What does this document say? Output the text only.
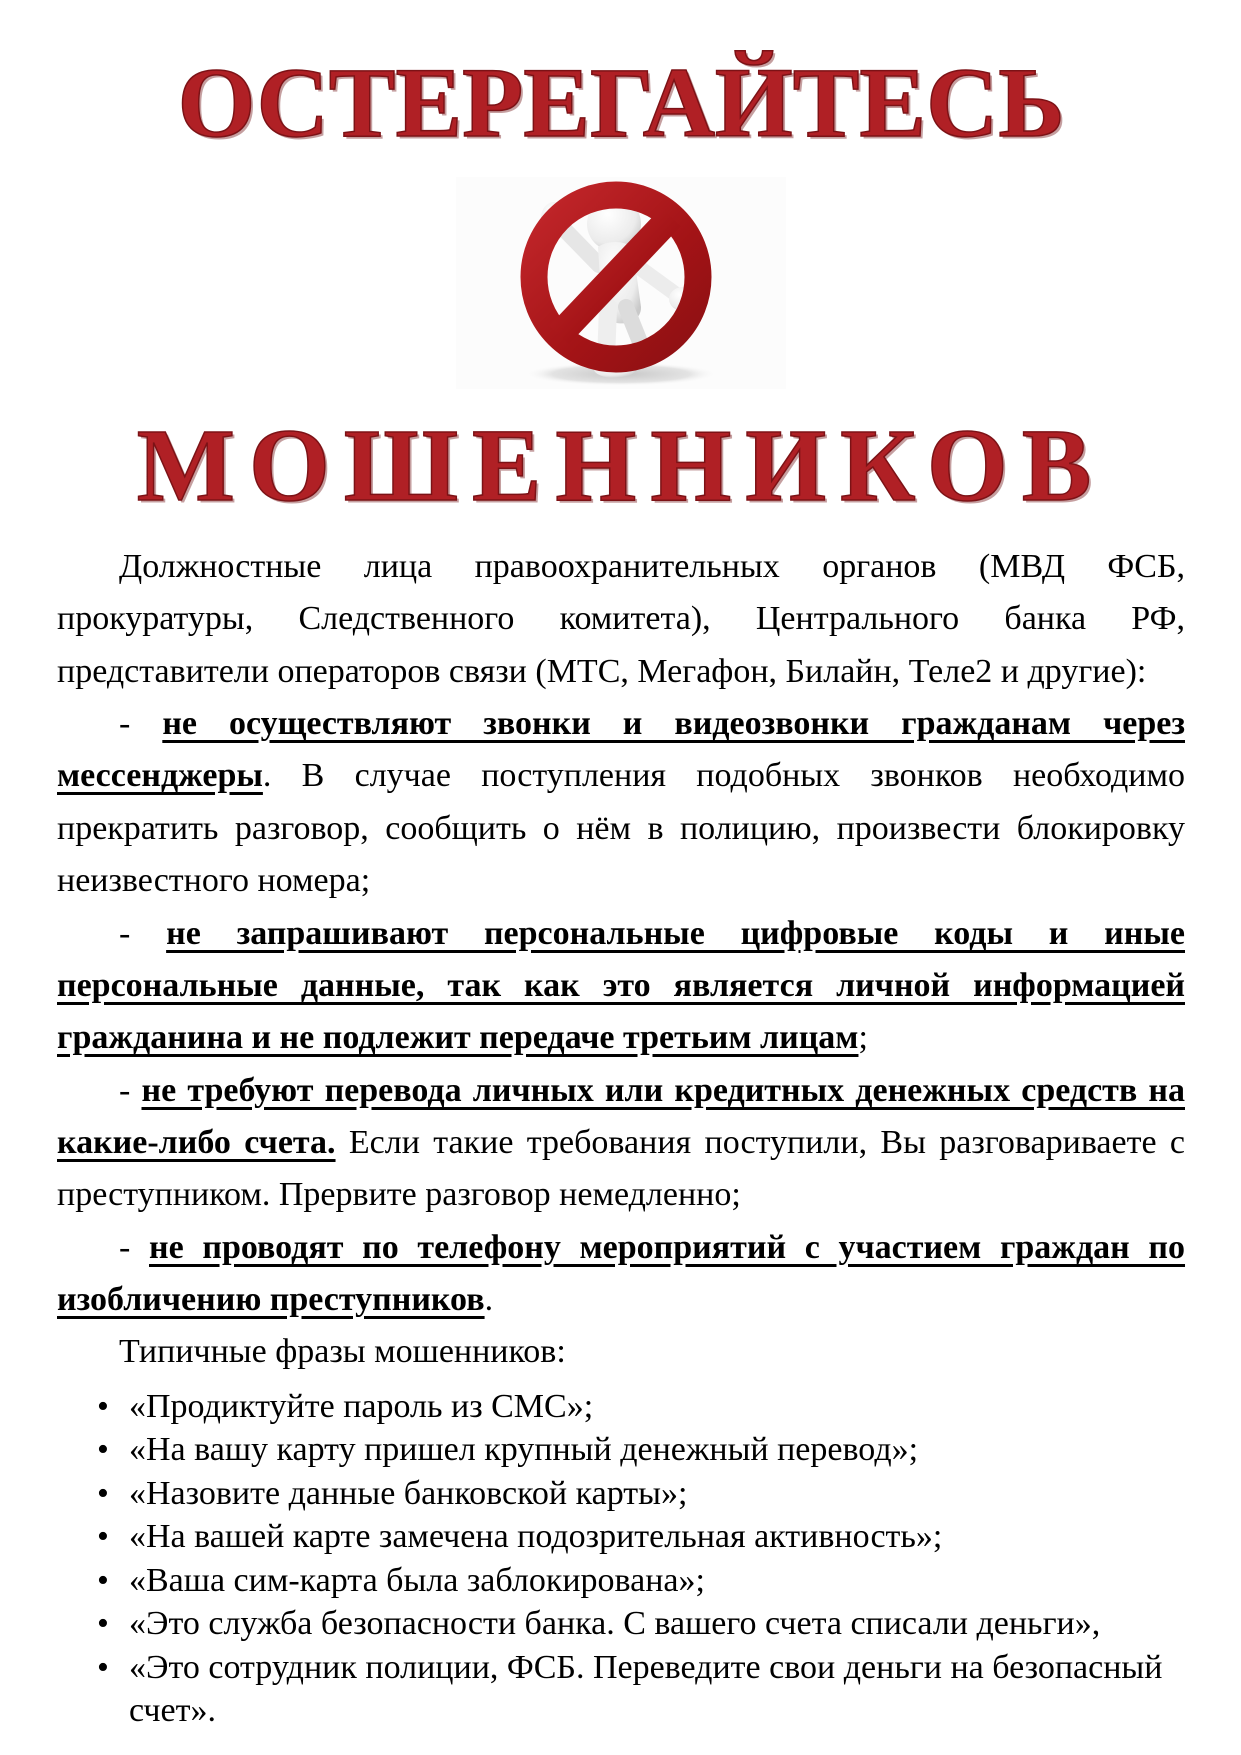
ОСТЕРЕГАЙТЕСЬ
МОШЕННИКОВ

Должностные лица правоохранительных органов (МВД ФСБ, прокуратуры, Следственного комитета), Центрального банка РФ, представители операторов связи (МТС, Мегафон, Билайн, Теле2 и другие):

- не осуществляют звонки и видеозвонки гражданам через мессенджеры. В случае поступления подобных звонков необходимо прекратить разговор, сообщить о нём в полицию, произвести блокировку неизвестного номера;

- не запрашивают персональные цифровые коды и иные персональные данные, так как это является личной информацией гражданина и не подлежит передаче третьим лицам;

- не требуют перевода личных или кредитных денежных средств на какие-либо счета. Если такие требования поступили, Вы разговариваете с преступником. Прервите разговор немедленно;

- не проводят по телефону мероприятий с участием граждан по изобличению преступников.

Типичные фразы мошенников:

• «Продиктуйте пароль из СМС»;
• «На вашу карту пришел крупный денежный перевод»;
• «Назовите данные банковской карты»;
• «На вашей карте замечена подозрительная активность»;
• «Ваша сим-карта была заблокирована»;
• «Это служба безопасности банка. С вашего счета списали деньги»,
• «Это сотрудник полиции, ФСБ. Переведите свои деньги на безопасный счет».
